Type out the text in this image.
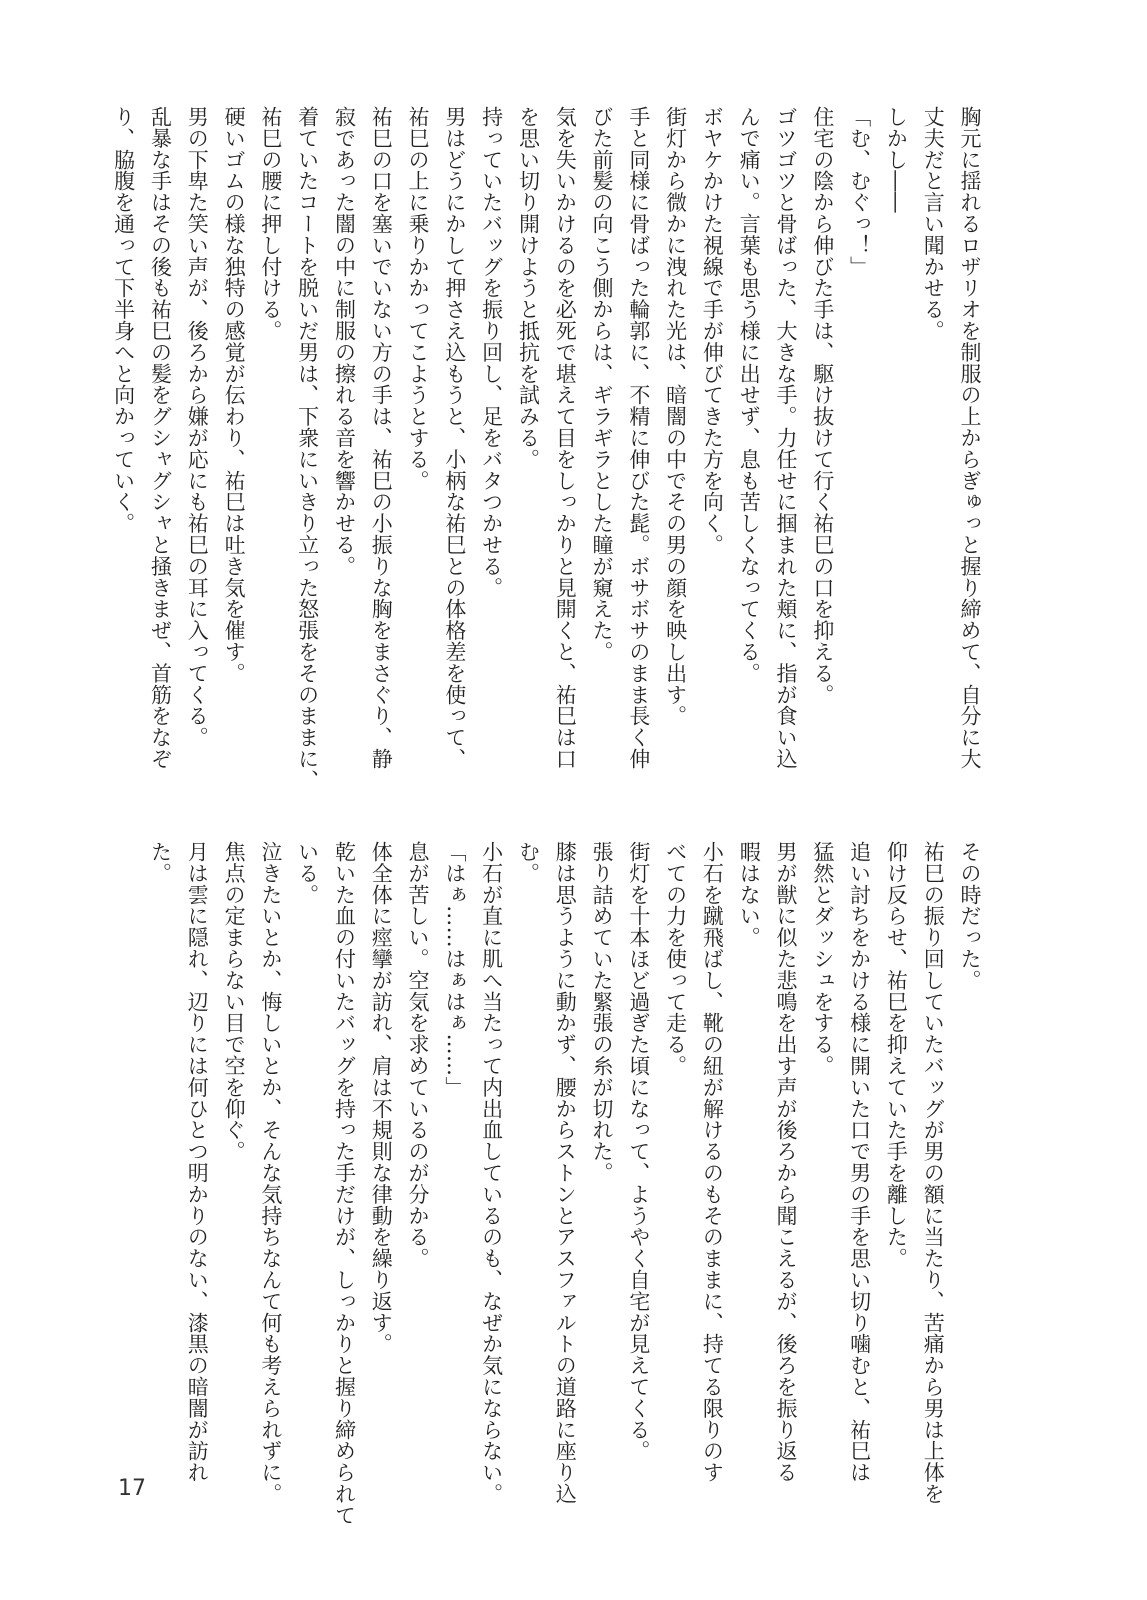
胸元に揺れるロザリオを制服の上からぎゅっと握り締めて、自分に大
丈夫だと言い聞かせる。
しかし――
「む、むぐっ！」
住宅の陰から伸びた手は、駆け抜けて行く祐巳の口を抑える。
ゴツゴツと骨ばった、大きな手。力任せに掴まれた頬に、指が食い込
んで痛い。言葉も思う様に出せず、息も苦しくなってくる。
ボヤケかけた視線で手が伸びてきた方を向く。
街灯から微かに洩れた光は、暗闇の中でその男の顔を映し出す。
手と同様に骨ばった輪郭に、不精に伸びた髭。ボサボサのまま長く伸
びた前髪の向こう側からは、ギラギラとした瞳が窺えた。
気を失いかけるのを必死で堪えて目をしっかりと見開くと、祐巳は口
を思い切り開けようと抵抗を試みる。
持っていたバッグを振り回し、足をバタつかせる。
男はどうにかして押さえ込もうと、小柄な祐巳との体格差を使って、
祐巳の上に乗りかかってこようとする。
祐巳の口を塞いでいない方の手は、祐巳の小振りな胸をまさぐり、静
寂であった闇の中に制服の擦れる音を響かせる。
着ていたコートを脱いだ男は、下衆にいきり立った怒張をそのままに、
祐巳の腰に押し付ける。
硬いゴムの様な独特の感覚が伝わり、祐巳は吐き気を催す。
男の下卑た笑い声が、後ろから嫌が応にも祐巳の耳に入ってくる。
乱暴な手はその後も祐巳の髪をグシャグシャと掻きまぜ、首筋をなぞ
り、脇腹を通って下半身へと向かっていく。
その時だった。
祐巳の振り回していたバッグが男の額に当たり、苦痛から男は上体を
仰け反らせ、祐巳を抑えていた手を離した。
追い討ちをかける様に開いた口で男の手を思い切り噛むと、祐巳は
猛然とダッシュをする。
男が獣に似た悲鳴を出す声が後ろから聞こえるが、後ろを振り返る
暇はない。
小石を蹴飛ばし、靴の紐が解けるのもそのままに、持てる限りのす
べての力を使って走る。
街灯を十本ほど過ぎた頃になって、ようやく自宅が見えてくる。
張り詰めていた緊張の糸が切れた。
膝は思うように動かず、腰からストンとアスファルトの道路に座り込
む。
小石が直に肌へ当たって内出血しているのも、なぜか気にならない。
「はぁ……はぁはぁ……」
息が苦しい。空気を求めているのが分かる。
体全体に痙攣が訪れ、肩は不規則な律動を繰り返す。
乾いた血の付いたバッグを持った手だけが、しっかりと握り締められて
いる。
泣きたいとか、悔しいとか、そんな気持ちなんて何も考えられずに。
焦点の定まらない目で空を仰ぐ。
月は雲に隠れ、辺りには何ひとつ明かりのない、漆黒の暗闇が訪れ
た。
17
